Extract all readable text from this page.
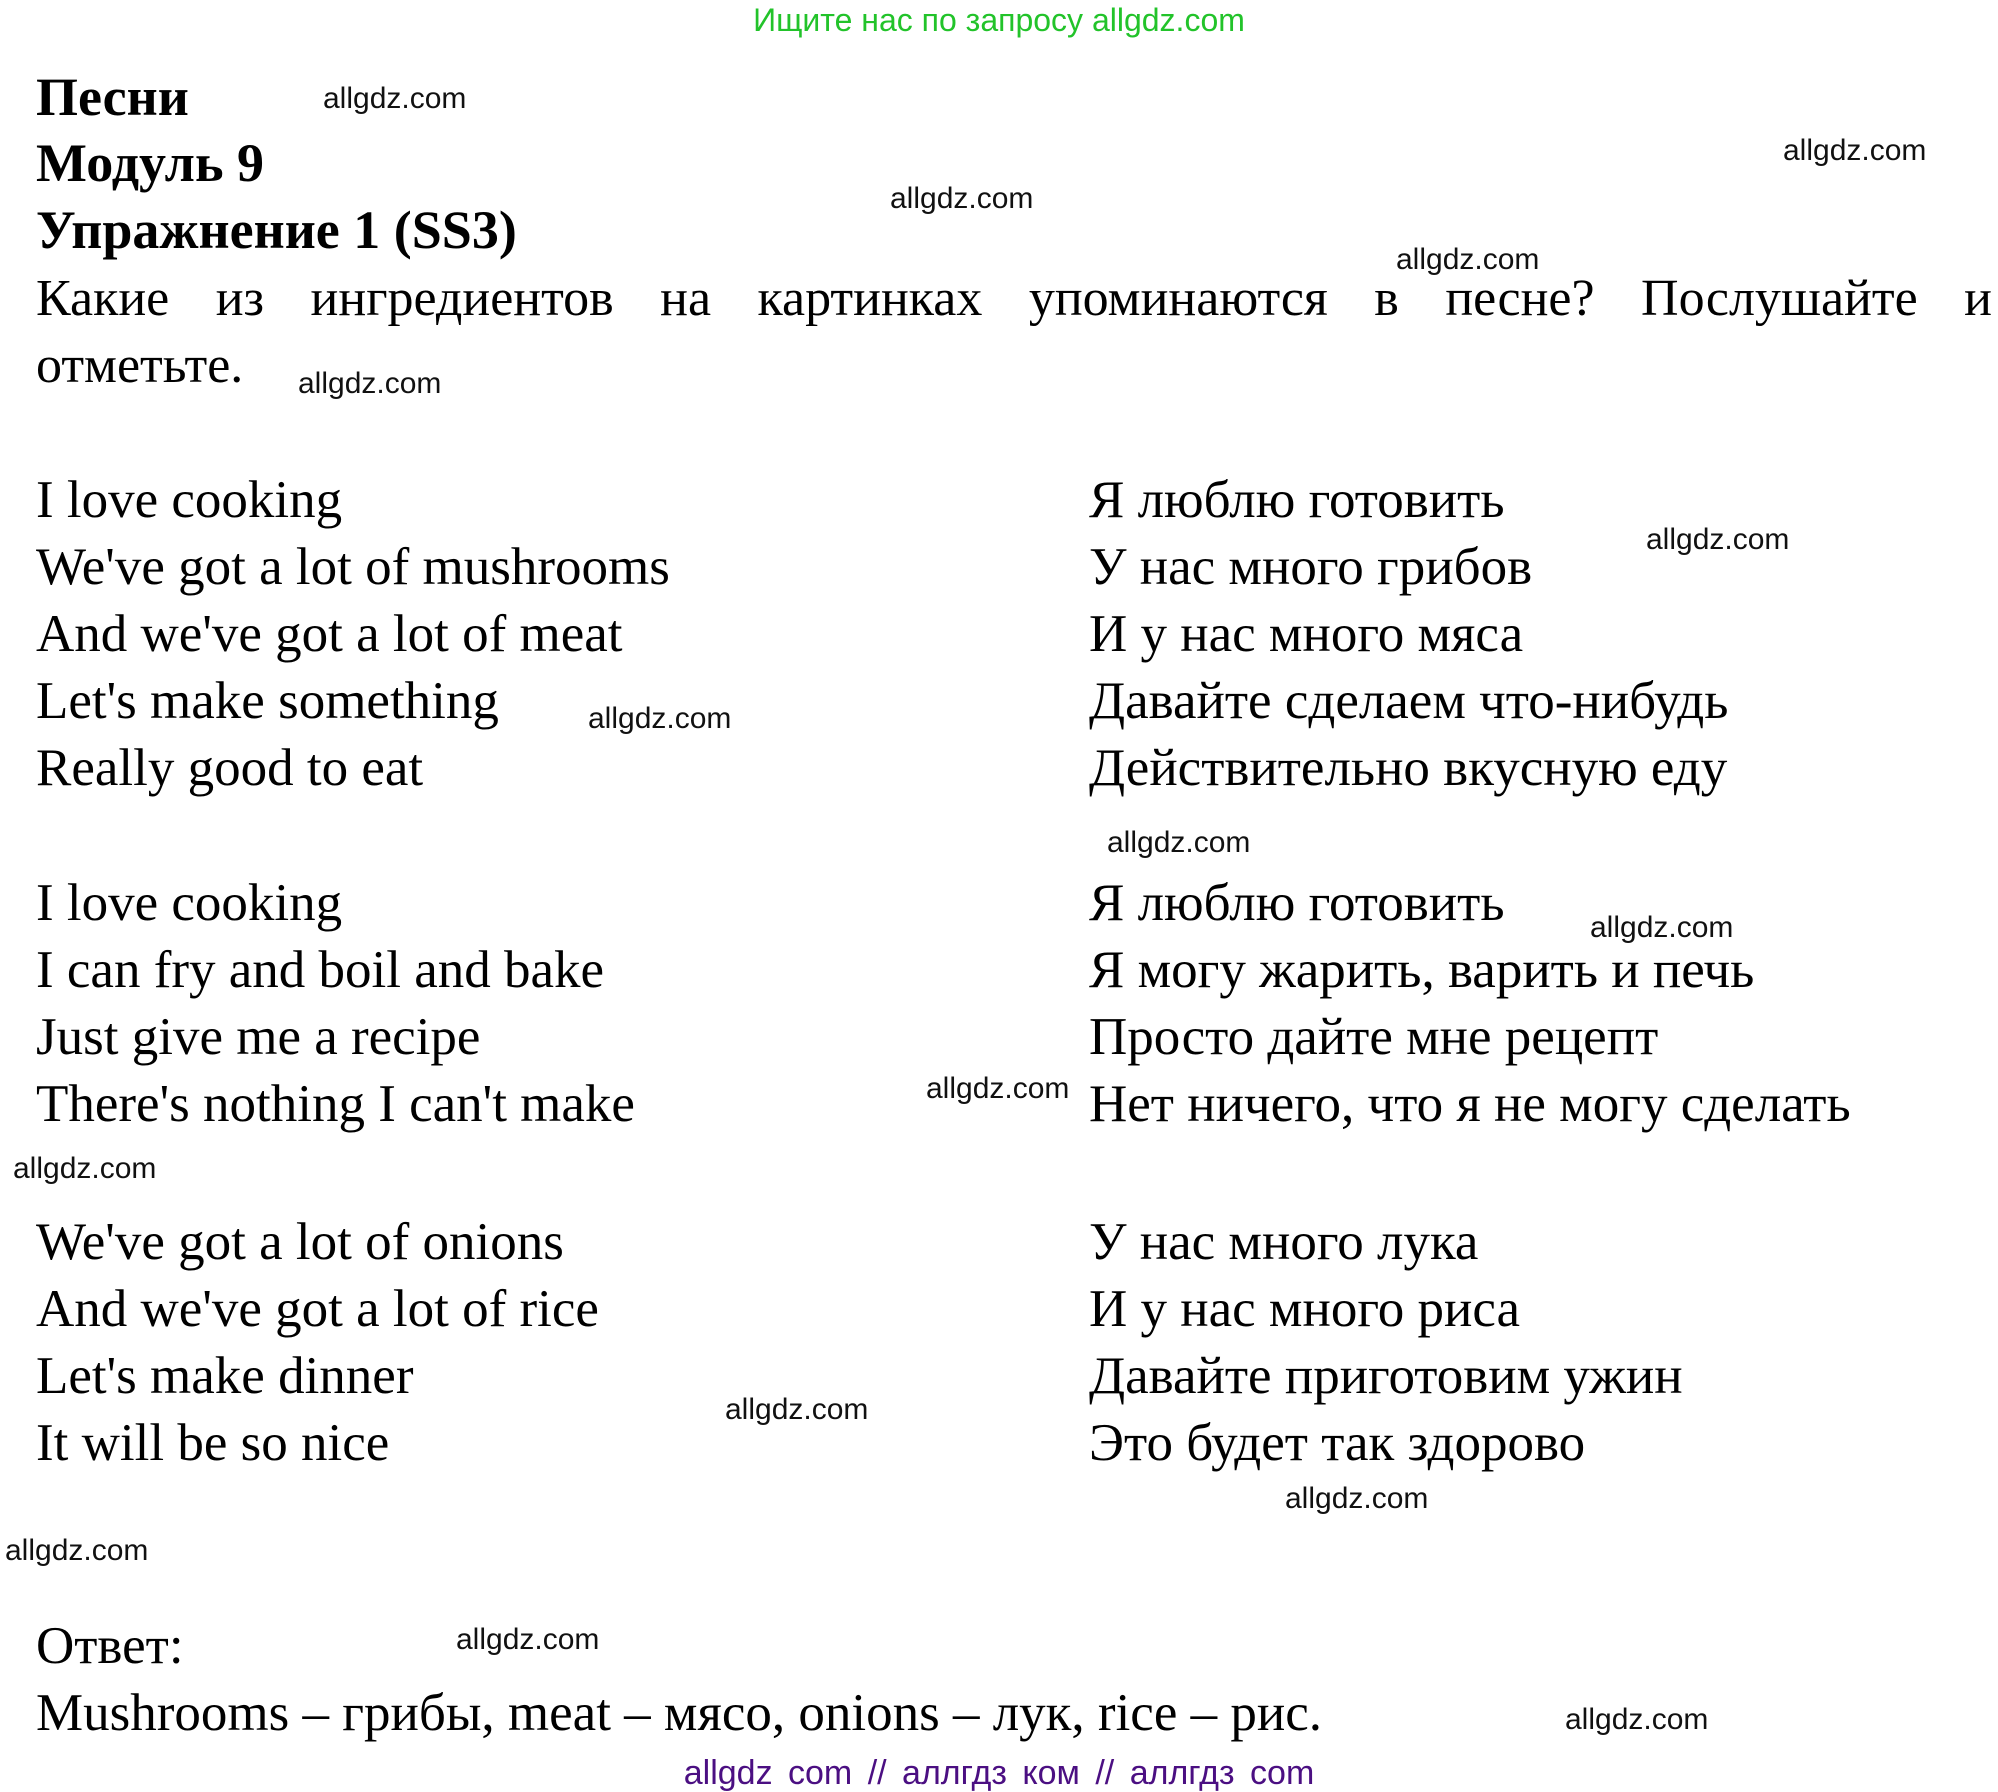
Ищите нас по запросу allgdz.com
Песни
Модуль 9
Упражнение 1 (SS3)
Какие из ингредиентов на картинках упоминаются в песне? Послушайте и
отметьте.
I love cooking
We've got a lot of mushrooms
And we've got a lot of meat
Let's make something
Really good to eat
Я люблю готовить
У нас много грибов
И у нас много мяса
Давайте сделаем что-нибудь
Действительно вкусную еду
I love cooking
I can fry and boil and bake
Just give me a recipe
There's nothing I can't make
Я люблю готовить
Я могу жарить, варить и печь
Просто дайте мне рецепт
Нет ничего, что я не могу сделать
We've got a lot of onions
And we've got a lot of rice
Let's make dinner
It will be so nice
У нас много лука
И у нас много риса
Давайте приготовим ужин
Это будет так здорово
Ответ:
Mushrooms – грибы, meat – мясо, onions – лук, rice – рис.
allgdz.com
allgdz.com
allgdz.com
allgdz.com
allgdz.com
allgdz.com
allgdz.com
allgdz.com
allgdz.com
allgdz.com
allgdz.com
allgdz.com
allgdz.com
allgdz.com
allgdz.com
allgdz.com
allgdz com // аллгдз ком // аллгдз com
